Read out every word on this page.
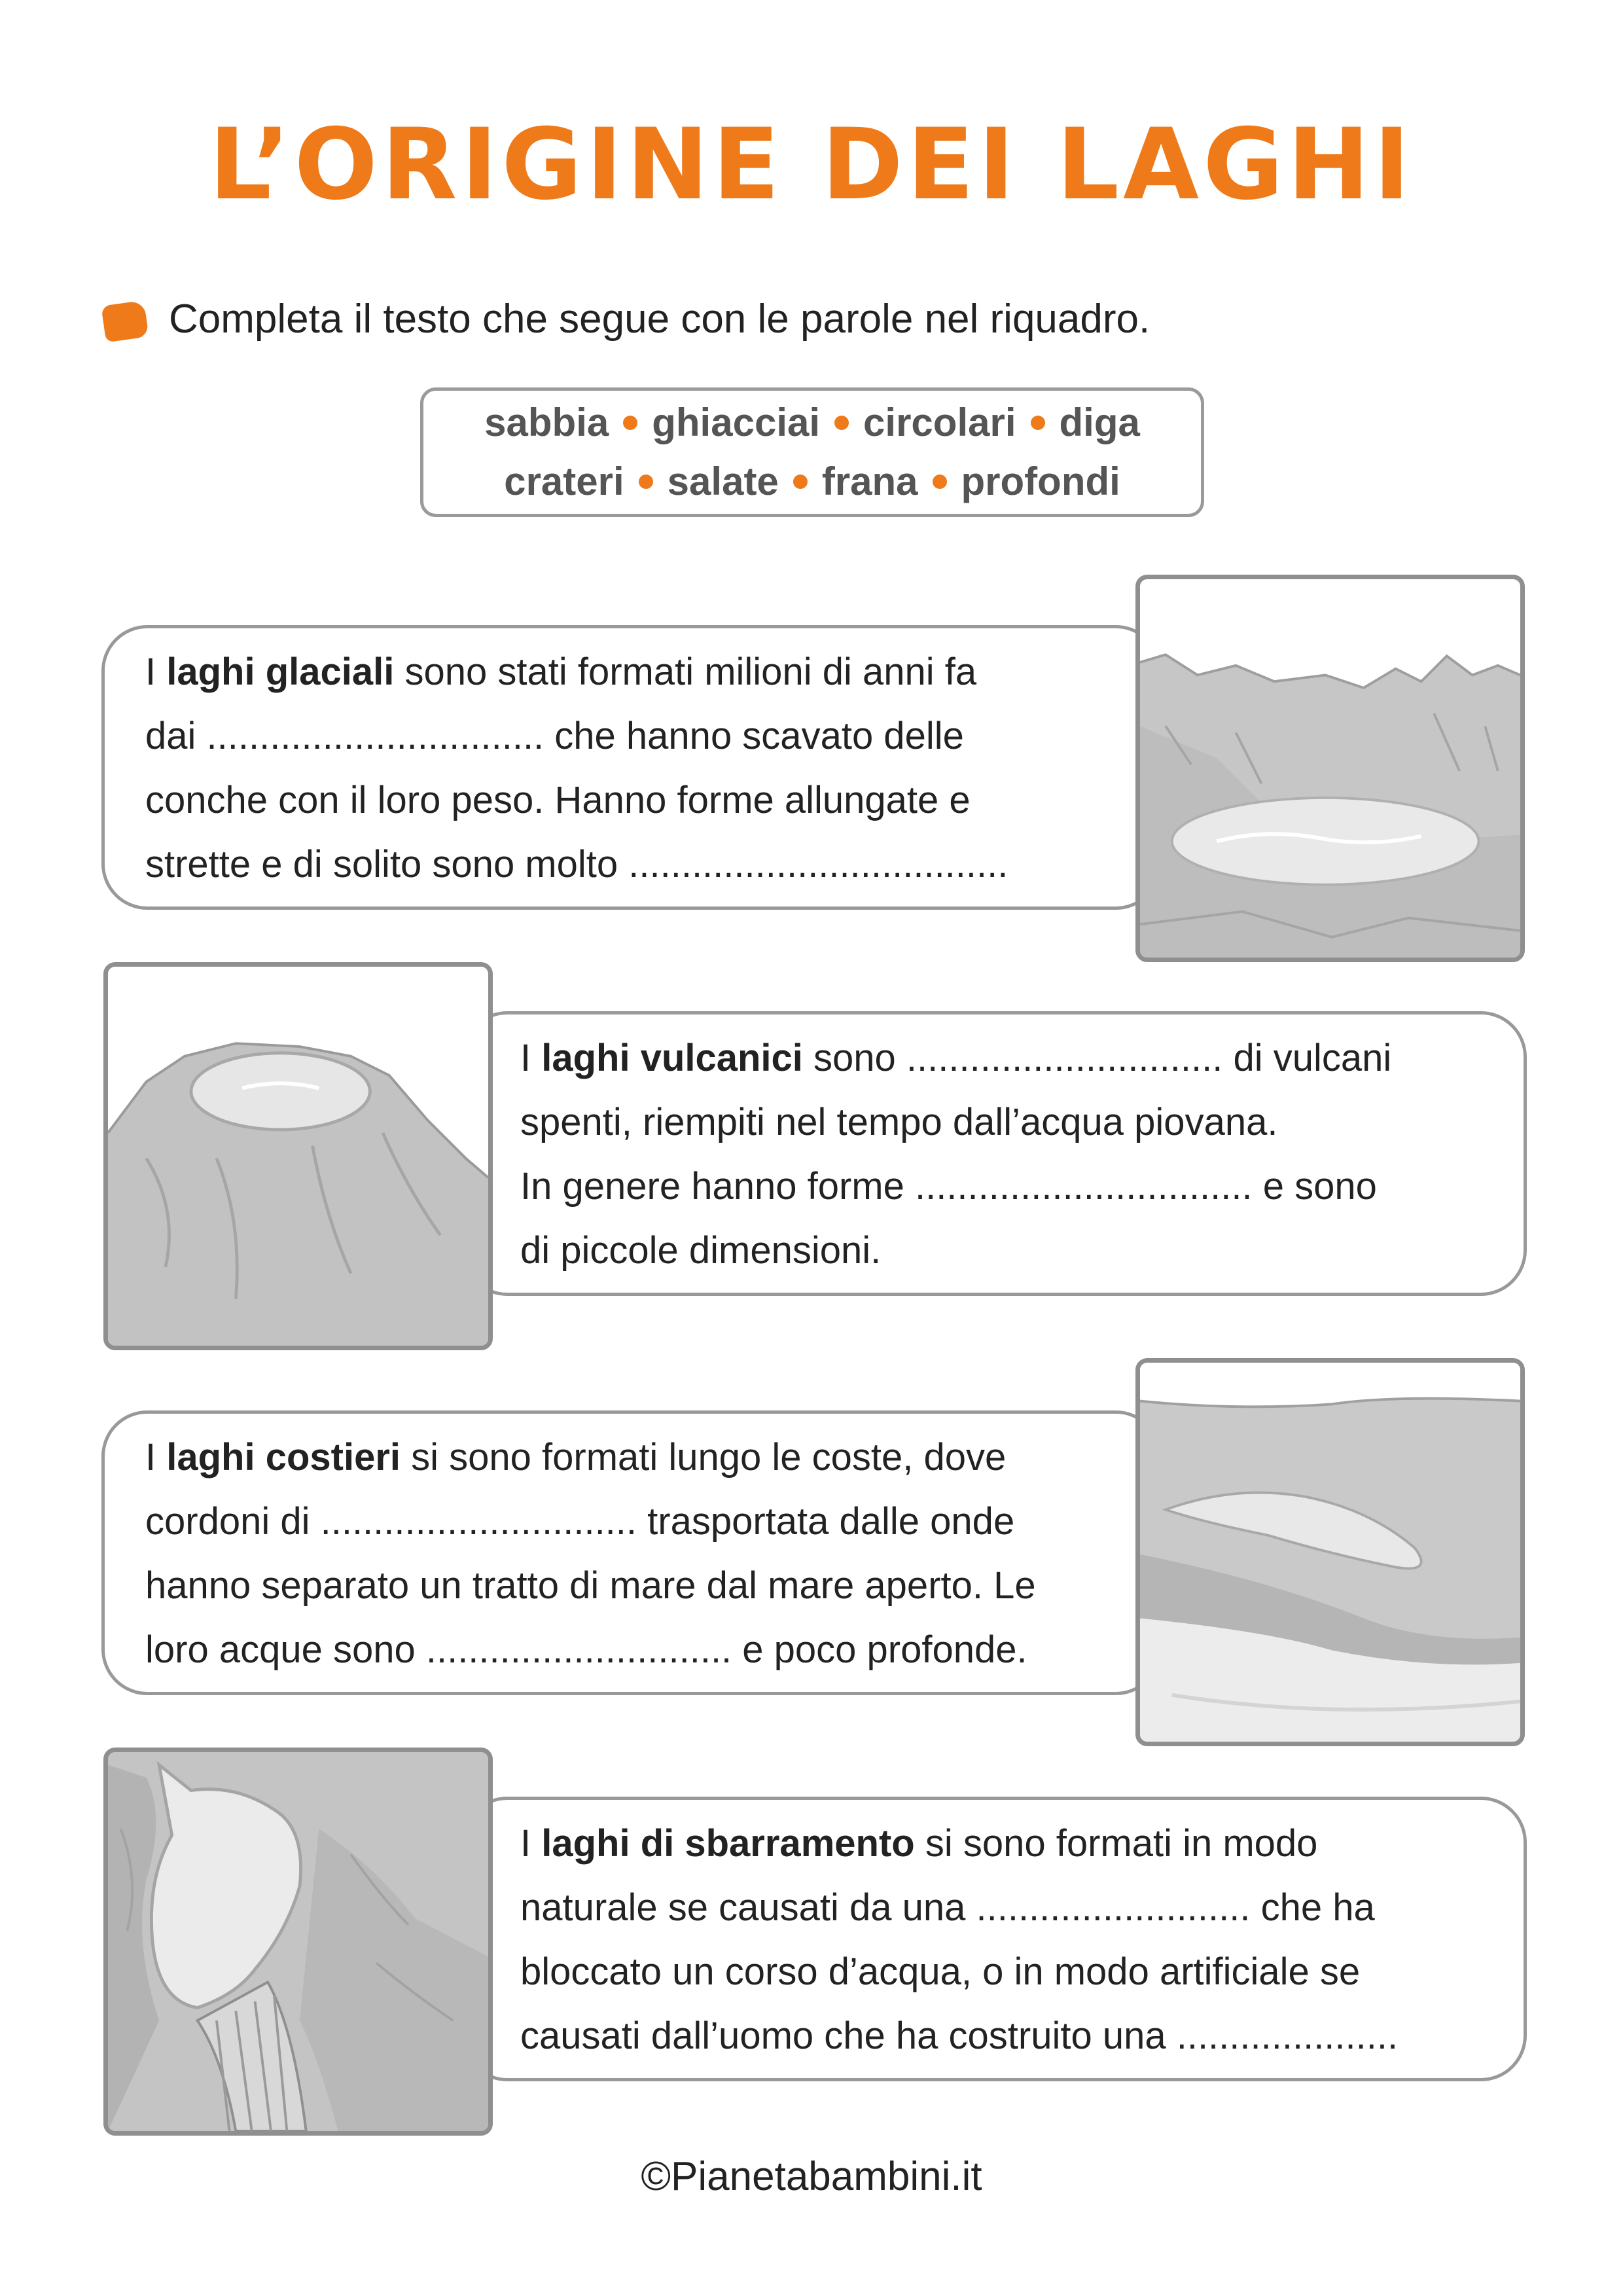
L’ORIGINE DEI LAGHI
Completa il testo che segue con le parole nel riquadro.
sabbia ghiacciai circolari diga
crateri salate frana profondi
I laghi glaciali sono stati formati milioni di anni fa
dai ................................ che hanno scavato delle
conche con il loro peso. Hanno forme allungate e
strette e di solito sono molto ....................................
I laghi vulcanici sono .............................. di vulcani
spenti, riempiti nel tempo dall’acqua piovana.
In genere hanno forme ................................ e sono
di piccole dimensioni.
I laghi costieri si sono formati lungo le coste, dove
cordoni di .............................. trasportata dalle onde
hanno separato un tratto di mare dal mare aperto. Le
loro acque sono ............................. e poco profonde.
I laghi di sbarramento si sono formati in modo
naturale se causati da una .......................... che ha
bloccato un corso d’acqua, o in modo artificiale se
causati dall’uomo che ha costruito una .....................
©Pianetabambini.it
